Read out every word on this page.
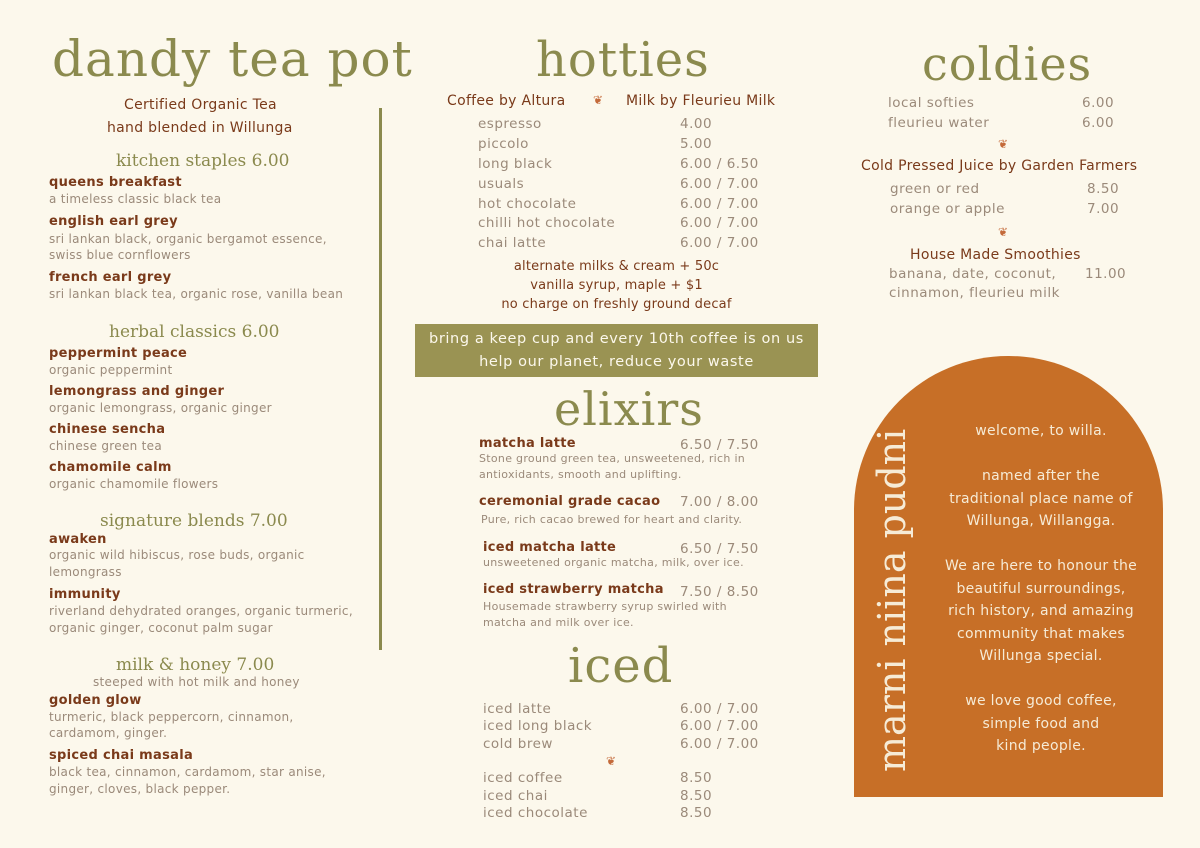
dandy tea pot
Certified Organic Tea
hand blended in Willunga
kitchen staples 6.00
queens breakfast
a timeless classic black tea
english earl grey
sri lankan black, organic bergamot essence,
swiss blue cornflowers
french earl grey
sri lankan black tea, organic rose, vanilla bean
herbal classics 6.00
peppermint peace
organic peppermint
lemongrass and ginger
organic lemongrass, organic ginger
chinese sencha
chinese green tea
chamomile calm
organic chamomile flowers
signature blends 7.00
awaken
organic wild hibiscus, rose buds, organic
lemongrass
immunity
riverland dehydrated oranges, organic turmeric,
organic ginger, coconut palm sugar
milk & honey 7.00
steeped with hot milk and honey
golden glow
turmeric, black peppercorn, cinnamon,
cardamom, ginger.
spiced chai masala
black tea, cinnamon, cardamom, star anise,
ginger, cloves, black pepper.
hotties
Coffee by Altura ❦ Milk by Fleurieu Milk
espresso	4.00
piccolo	5.00
long black	6.00 / 6.50
usuals	6.00 / 7.00
hot chocolate	6.00 / 7.00
chilli hot chocolate	6.00 / 7.00
chai latte	6.00 / 7.00
alternate milks & cream + 50c
vanilla syrup, maple + $1
no charge on freshly ground decaf
bring a keep cup and every 10th coffee is on us
help our planet, reduce your waste
elixirs
matcha latte	6.50 / 7.50
Stone ground green tea, unsweetened, rich in
antioxidants, smooth and uplifting.
ceremonial grade cacao 7.00 / 8.00
Pure, rich cacao brewed for heart and clarity.
iced matcha latte	6.50 / 7.50
unsweetened organic matcha, milk, over ice.
iced strawberry matcha 7.50 / 8.50
Housemade strawberry syrup swirled with
matcha and milk over ice.
iced
iced latte	6.00 / 7.00
iced long black	6.00 / 7.00
cold brew	6.00 / 7.00
❦
iced coffee	8.50
iced chai	8.50
iced chocolate	8.50
coldies
local softies	6.00
fleurieu water	6.00
❦
Cold Pressed Juice by Garden Farmers
green or red	8.50
orange or apple	7.00
❦
House Made Smoothies
banana, date, coconut, 11.00
cinnamon, fleurieu milk
marni niina pudni	welcome, to willa.

named after the
traditional place name of
Willunga, Willangga.

We are here to honour the
beautiful surroundings,
rich history, and amazing
community that makes
Willunga special.

we love good coffee,
simple food and
kind people.
